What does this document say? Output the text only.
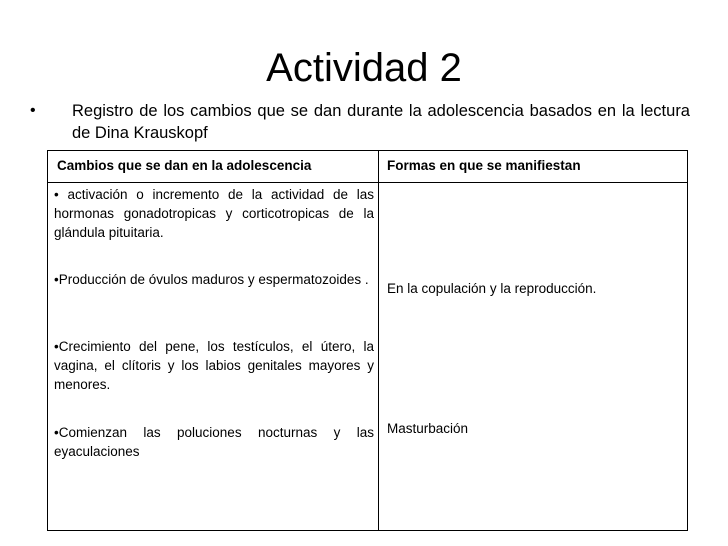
Actividad 2
• Registro de los cambios que se dan durante la adolescencia basados en la lectura de Dina Krauskopf
Cambios que se dan en la adolescencia	Formas en que se manifiestan
• activación o incremento de la actividad de las hormonas gonadotropicas y corticotropicas de la glándula pituitaria.
•Producción de óvulos maduros y espermatozoides .
•Crecimiento del pene, los testículos, el útero, la vagina, el clítoris y los labios genitales mayores y menores.
•Comienzan las poluciones nocturnas y las eyaculaciones
En la copulación y la reproducción.
Masturbación
